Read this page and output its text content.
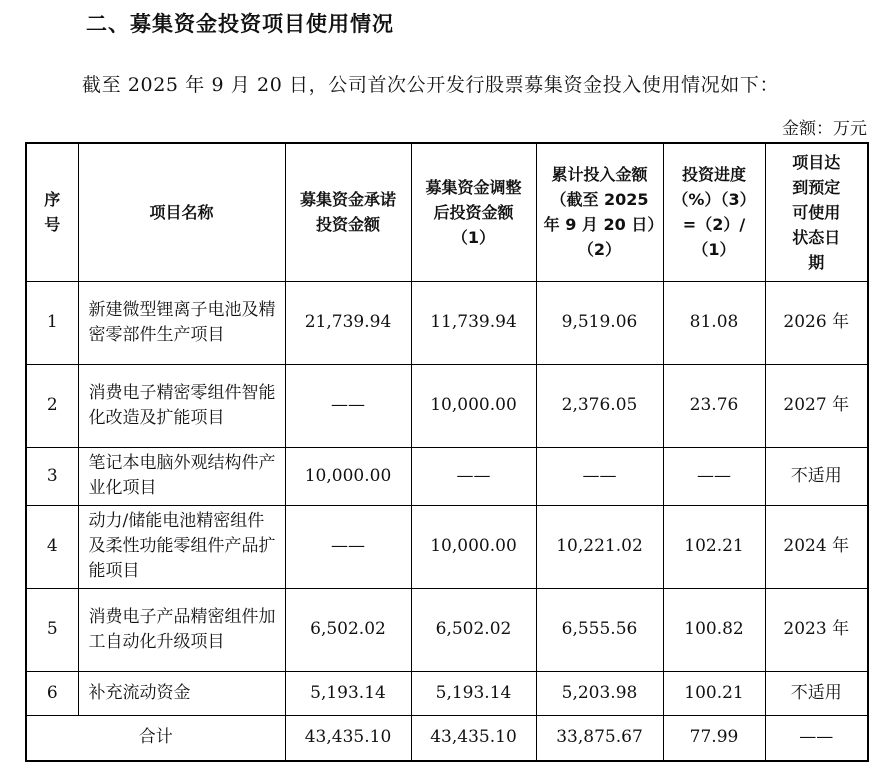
二、募集资金投资项目使用情况
截至 2025 年 9 月 20 日，公司首次公开发行股票募集资金投入使用情况如下：
金额：万元
序号	项目名称	募集资金承诺投资金额	募集资金调整后投资金额（1）	累计投入金额（截至 2025 年 9 月 20 日）（2）	投资进度（%）（3）=（2）/（1）	项目达到预定可使用状态日期
1	新建微型锂离子电池及精密零部件生产项目	21,739.94	11,739.94	9,519.06	81.08	2026 年
2	消费电子精密零组件智能化改造及扩能项目	——	10,000.00	2,376.05	23.76	2027 年
3	笔记本电脑外观结构件产业化项目	10,000.00	——	——	——	不适用
4	动力/储能电池精密组件及柔性功能零组件产品扩能项目	——	10,000.00	10,221.02	102.21	2024 年
5	消费电子产品精密组件加工自动化升级项目	6,502.02	6,502.02	6,555.56	100.82	2023 年
6	补充流动资金	5,193.14	5,193.14	5,203.98	100.21	不适用
合计		43,435.10	43,435.10	33,875.67	77.99	——
